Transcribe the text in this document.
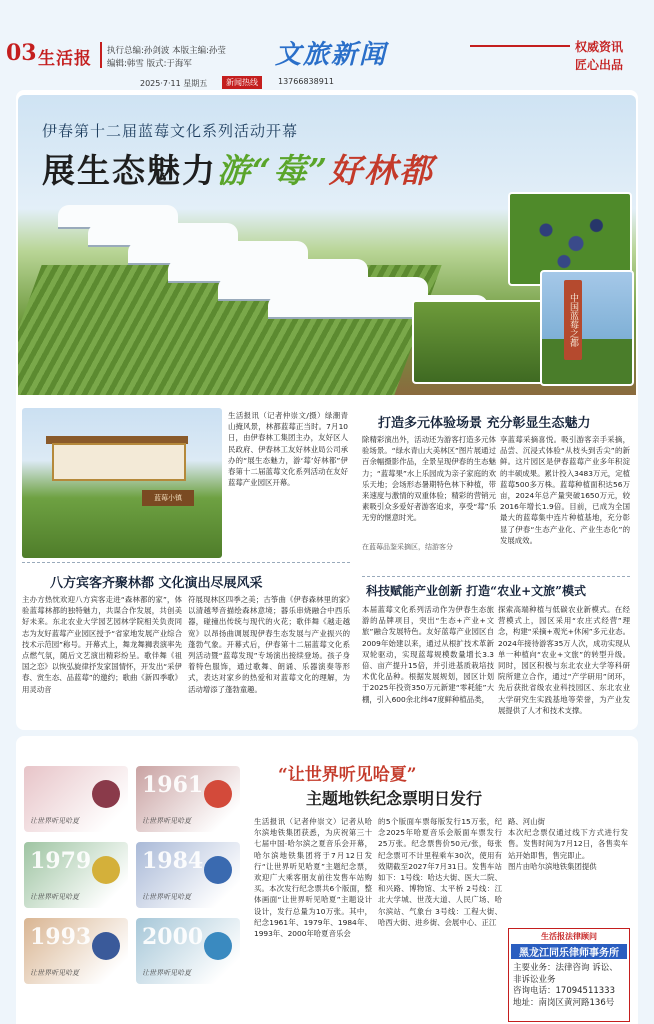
03 生活报 执行总编:孙剑波 本版主编:孙莹
编辑:韩雪 版式:于海军	文旅新闻	权威资讯
匠心出品
2025·7·11 星期五	新闻热线	13766838911
伊春第十二届蓝莓文化系列活动开幕
展生态魅力游“莓”好林都
中国蓝莓之都
蓝莓小镇
生活报讯（记者仲崇文/摄）绿潮青山掩风景，林都蓝莓正当时。7月10日，由伊春林工集团主办，友好区人民政府、伊春林工友好林业局公司承办的“展生态魅力，游‘莓’好林都”伊春第十二届蓝莓文化系列活动在友好蓝莓产业园区开幕。
八方宾客齐聚林都 文化演出尽展风采
主办方热忱欢迎八方宾客走进“森林都的家”，体验蓝莓林都的独特魅力，共谋合作发展，共创美好未来。东北农业大学园艺园林学院相关负责同志为友好蓝莓产业园区授予“省家地发展产业综合技术示范园”称号。开幕式上，舞龙舞狮表演率先点燃气氛，随后文艺演出精彩纷呈。歌伴舞《祖国之恋》以恢弘旋律抒发家国情怀，开发出“采伊春、赏生态、品蓝莓”的邀约；歌曲《新四季歌》用灵动音
符展现林区四季之美；古筝曲《伊春森林里的家》以清越琴音描绘森林意境；器乐串烧融合中西乐器，碰撞出传统与现代的火花；歌伴舞《越走越宽》以昂扬曲调展现伊春生态发展与产业振兴的蓬勃气象。开幕式后，伊春第十二届蓝莓文化系列活动暨“蓝莓发现”专场演出接续登场。孩子身着特色服饰，通过歌舞、朗诵、乐器演奏等形式，表达对家乡的热爱和对蓝莓文化的理解，为活动增添了蓬勃童趣。
打造多元体验场景 充分彰显生态魅力
除精彩演出外，活动还为游客打造多元体验场景。“绿水青山大美林区”图片展通过百余幅摄影作品，全景呈现伊春的生态魅力；“蓝莓果”水上乐园成为亲子家庭的欢乐天地；会场形态暑期特色林下种植，带来速度与激情的双重体验；精彩的营销元素吸引众多爱好者游客追求，享受“莓”乐无穷的惬意时光。
在蓝莓品鉴采摘区，结游客分
享蓝莓采摘喜悦。吸引游客亲手采摘，品尝、沉浸式体验“从枝头到舌尖”的新鲜。这片园区是伊春蓝莓产业多年积淀的丰硕成果。累计投入3483万元，定植蓝莓500多万株。蓝莓种植面积达56万亩，2024年总产量突破1650万元，较2016年增长1.9倍。目前，已成为全国最大的蓝莓集中连片种植基地，充分彰显了伊春“生态产业化、产业生态化”的发展成效。
科技赋能产业创新 打造“农业+文旅”模式
本届蓝莓文化系列活动作为伊春生态旅游的品牌项目，突出“生态+产业+文旅”融合发展特色。友好蓝莓产业园区自2009年始建以来，通过从根扩技术革新双轮驱动，实现蓝莓规模数量增长3.3倍、亩产提升15倍，并引进基质栽培技术优化品种。根据发展规划，园区计划于2025年投资350万元新建“零耗能”大棚，引入600余北纬47度鲜种植品类，
探索高端种植与低碳农业新模式。在经营模式上，园区采用“农庄式经营”理念，构建“采摘+观光+休闲”多元业态。2024年接待游客35万人次，成功实现从单一种植向“农业+文旅”的转型升级。同时，园区积极与东北农业大学等科研院所建立合作，通过“产学研用”闭环，先后获批省级农业科技园区、东北农业大学研究生实践基地等荣誉，为产业发展提供了人才和技术支撑。
让世界听见哈夏
1961
让世界听见哈夏
1979
让世界听见哈夏
1984
让世界听见哈夏
1993
让世界听见哈夏
2000
让世界听见哈夏
“让世界听见哈夏”
主题地铁纪念票明日发行
生活报讯（记者仲崇文）记者从哈尔滨地铁集团获悉，为庆祝第三十七届中国·哈尔滨之夏音乐会开幕，哈尔滨地铁集团将于7月12日发行“让世界听见哈夏”主题纪念票，欢迎广大乘客朋友前往发售车站购买。本次发行纪念票共6个版面，整体画面“让世界听见哈夏”主题设计设计，发行总量为10万张。其中，纪念1961年、1979年、1984年、1993年、2000年哈夏音乐会
的5个版面车票每版发行15万张，纪念2025年哈夏音乐会版面车票发行25万张。纪念票售价50元/张，每张纪念票可不计里程乘车30次，使用有效期截至2027年7月31日。发售车站如下：1号线：哈达大街、医大二院、和兴路、博物馆、太平桥 2号线：江北大学城、世茂大道、人民广场、哈尔滨站、气象台 3号线：工程大街、哈西大街、进乡街、会展中心、正江
路、河山街
本次纪念票仅通过线下方式进行发售。发售时间为7月12日，各售卖车站开始即售，售完即止。
图片由哈尔滨地铁集团提供
生活报法律顾问
黑龙江同乐律师事务所
主要业务：法律咨询 诉讼、非诉讼业务
咨询电话：17094511333
地址：南岗区黄河路136号
